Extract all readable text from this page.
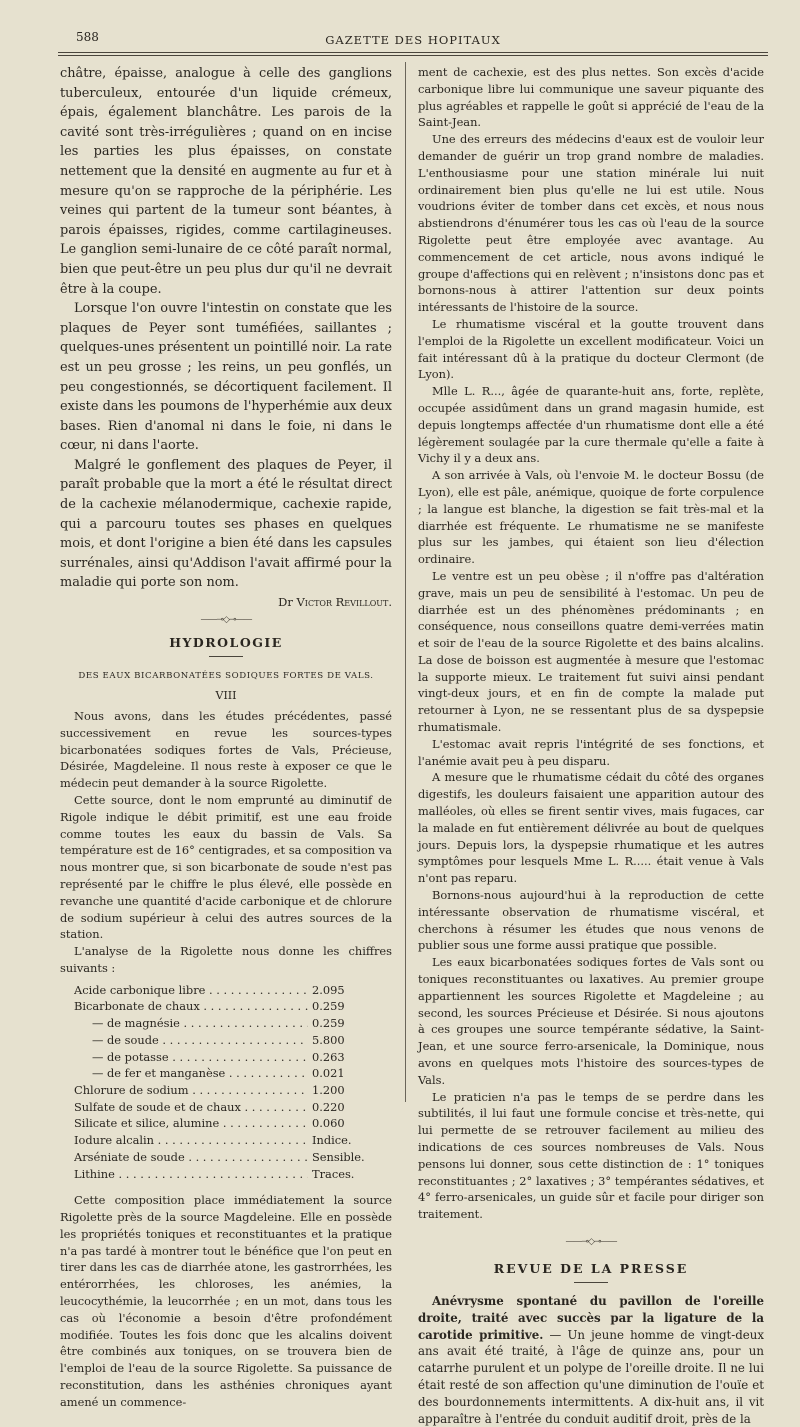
588	GAZETTE DES HOPITAUX

châtre, épaisse, analogue à celle des ganglions tuberculeux, entourée d'un liquide crémeux, épais, également blanchâtre. Les parois de la cavité sont très-irrégulières ; quand on en incise les parties les plus épaisses, on constate nettement que la densité en augmente au fur et à mesure qu'on se rapproche de la périphérie. Les veines qui partent de la tumeur sont béantes, à parois épaisses, rigides, comme cartilagineuses. Le ganglion semi-lunaire de ce côté paraît normal, bien que peut-être un peu plus dur qu'il ne devrait être à la coupe.

Lorsque l'on ouvre l'intestin on constate que les plaques de Peyer sont tuméfiées, saillantes ; quelques-unes présentent un pointillé noir. La rate est un peu grosse ; les reins, un peu gonflés, un peu congestionnés, se décortiquent facilement. Il existe dans les poumons de l'hyperhémie aux deux bases. Rien d'anomal ni dans le foie, ni dans le cœur, ni dans l'aorte.

Malgré le gonflement des plaques de Peyer, il paraît probable que la mort a été le résultat direct de la cachexie mélanodermique, cachexie rapide, qui a parcouru toutes ses phases en quelques mois, et dont l'origine a bien été dans les capsules surrénales, ainsi qu'Addison l'avait affirmé pour la maladie qui porte son nom.

Dr Victor Revillout.
——⊸◇⊸——
HYDROLOGIE
DES EAUX BICARBONATÉES SODIQUES FORTES DE VALS.
VIII

Nous avons, dans les études précédentes, passé successivement en revue les sources-types bicarbonatées sodiques fortes de Vals, Précieuse, Désirée, Magdeleine. Il nous reste à exposer ce que le médecin peut demander à la source Rigolette.

Cette source, dont le nom emprunté au diminutif de Rigole indique le débit primitif, est une eau froide comme toutes les eaux du bassin de Vals. Sa température est de 16° centigrades, et sa composition va nous montrer que, si son bicarbonate de soude n'est pas représenté par le chiffre le plus élevé, elle possède en revanche une quantité d'acide carbonique et de chlorure de sodium supérieur à celui des autres sources de la station.

L'analyse de la Rigolette nous donne les chiffres suivants :

Acide carbonique libre . . .	2.095
Bicarbonate de chaux . . .	0.259
— de magnésie . . .	0.259
— de soude . . .	5.800
— de potasse . . .	0.263
— de fer et manganèse . . .	0.021
Chlorure de sodium . . .	1.200
Sulfate de soude et de chaux . . .	0.220
Silicate et silice, alumine . . .	0.060
Iodure alcalin . . .	Indice.
Arséniate de soude . . .	Sensible.
Lithine . . .	Traces.

Cette composition place immédiatement la source Rigolette près de la source Magdeleine. Elle en possède les propriétés toniques et reconstituantes et la pratique n'a pas tardé à montrer tout le bénéfice que l'on peut en tirer dans les cas de diarrhée atone, les gastrorrhées, les entérorrhées, les chloroses, les anémies, la leucocythémie, la leucorrhée ; en un mot, dans tous les cas où l'économie a besoin d'être profondément modifiée. Toutes les fois donc que les alcalins doivent être combinés aux toniques, on se trouvera bien de l'emploi de l'eau de la source Rigolette. Sa puissance de reconstitution, dans les asthénies chroniques ayant amené un commence-

ment de cachexie, est des plus nettes. Son excès d'acide carbonique libre lui communique une saveur piquante des plus agréables et rappelle le goût si apprécié de l'eau de la Saint-Jean.

Une des erreurs des médecins d'eaux est de vouloir leur demander de guérir un trop grand nombre de maladies. L'enthousiasme pour une station minérale lui nuit ordinairement bien plus qu'elle ne lui est utile. Nous voudrions éviter de tomber dans cet excès, et nous nous abstiendrons d'énumérer tous les cas où l'eau de la source Rigolette peut être employée avec avantage. Au commencement de cet article, nous avons indiqué le groupe d'affections qui en relèvent ; n'insistons donc pas et bornons-nous à attirer l'attention sur deux points intéressants de l'histoire de la source.

Le rhumatisme viscéral et la goutte trouvent dans l'emploi de la Rigolette un excellent modificateur. Voici un fait intéressant dû à la pratique du docteur Clermont (de Lyon).

Mlle L. R..., âgée de quarante-huit ans, forte, replète, occupée assidûment dans un grand magasin humide, est depuis longtemps affectée d'un rhumatisme dont elle a été légèrement soulagée par la cure thermale qu'elle a faite à Vichy il y a deux ans.

A son arrivée à Vals, où l'envoie M. le docteur Bossu (de Lyon), elle est pâle, anémique, quoique de forte corpulence ; la langue est blanche, la digestion se fait très-mal et la diarrhée est fréquente. Le rhumatisme ne se manifeste plus sur les jambes, qui étaient son lieu d'élection ordinaire.

Le ventre est un peu obèse ; il n'offre pas d'altération grave, mais un peu de sensibilité à l'estomac. Un peu de diarrhée est un des phénomènes prédominants ; en conséquence, nous conseillons quatre demi-verrées matin et soir de l'eau de la source Rigolette et des bains alcalins. La dose de boisson est augmentée à mesure que l'estomac la supporte mieux. Le traitement fut suivi ainsi pendant vingt-deux jours, et en fin de compte la malade put retourner à Lyon, ne se ressentant plus de sa dyspepsie rhumatismale.

L'estomac avait repris l'intégrité de ses fonctions, et l'anémie avait peu à peu disparu.

A mesure que le rhumatisme cédait du côté des organes digestifs, les douleurs faisaient une apparition autour des malléoles, où elles se firent sentir vives, mais fugaces, car la malade en fut entièrement délivrée au bout de quelques jours. Depuis lors, la dyspepsie rhumatique et les autres symptômes pour lesquels Mme L. R..... était venue à Vals n'ont pas reparu.

Bornons-nous aujourd'hui à la reproduction de cette intéressante observation de rhumatisme viscéral, et cherchons à résumer les études que nous venons de publier sous une forme aussi pratique que possible.

Les eaux bicarbonatées sodiques fortes de Vals sont ou toniques reconstituantes ou laxatives. Au premier groupe appartiennent les sources Rigolette et Magdeleine ; au second, les sources Précieuse et Désirée. Si nous ajoutons à ces groupes une source tempérante sédative, la Saint-Jean, et une source ferro-arsenicale, la Dominique, nous avons en quelques mots l'histoire des sources-types de Vals.

Le praticien n'a pas le temps de se perdre dans les subtilités, il lui faut une formule concise et très-nette, qui lui permette de se retrouver facilement au milieu des indications de ces sources nombreuses de Vals. Nous pensons lui donner, sous cette distinction de : 1° toniques reconstituantes ; 2° laxatives ; 3° tempérantes sédatives, et 4° ferro-arsenicales, un guide sûr et facile pour diriger son traitement.

——⊸◇⊸——
REVUE DE LA PRESSE

Anévrysme spontané du pavillon de l'oreille droite, traité avec succès par la ligature de la carotide primitive. — Un jeune homme de vingt-deux ans avait été traité, à l'âge de quinze ans, pour un catarrhe purulent et un polype de l'oreille droite. Il ne lui était resté de son affection qu'une diminution de l'ouïe et des bourdonnements intermittents. A dix-huit ans, il vit apparaître à l'entrée du conduit auditif droit, près de la
